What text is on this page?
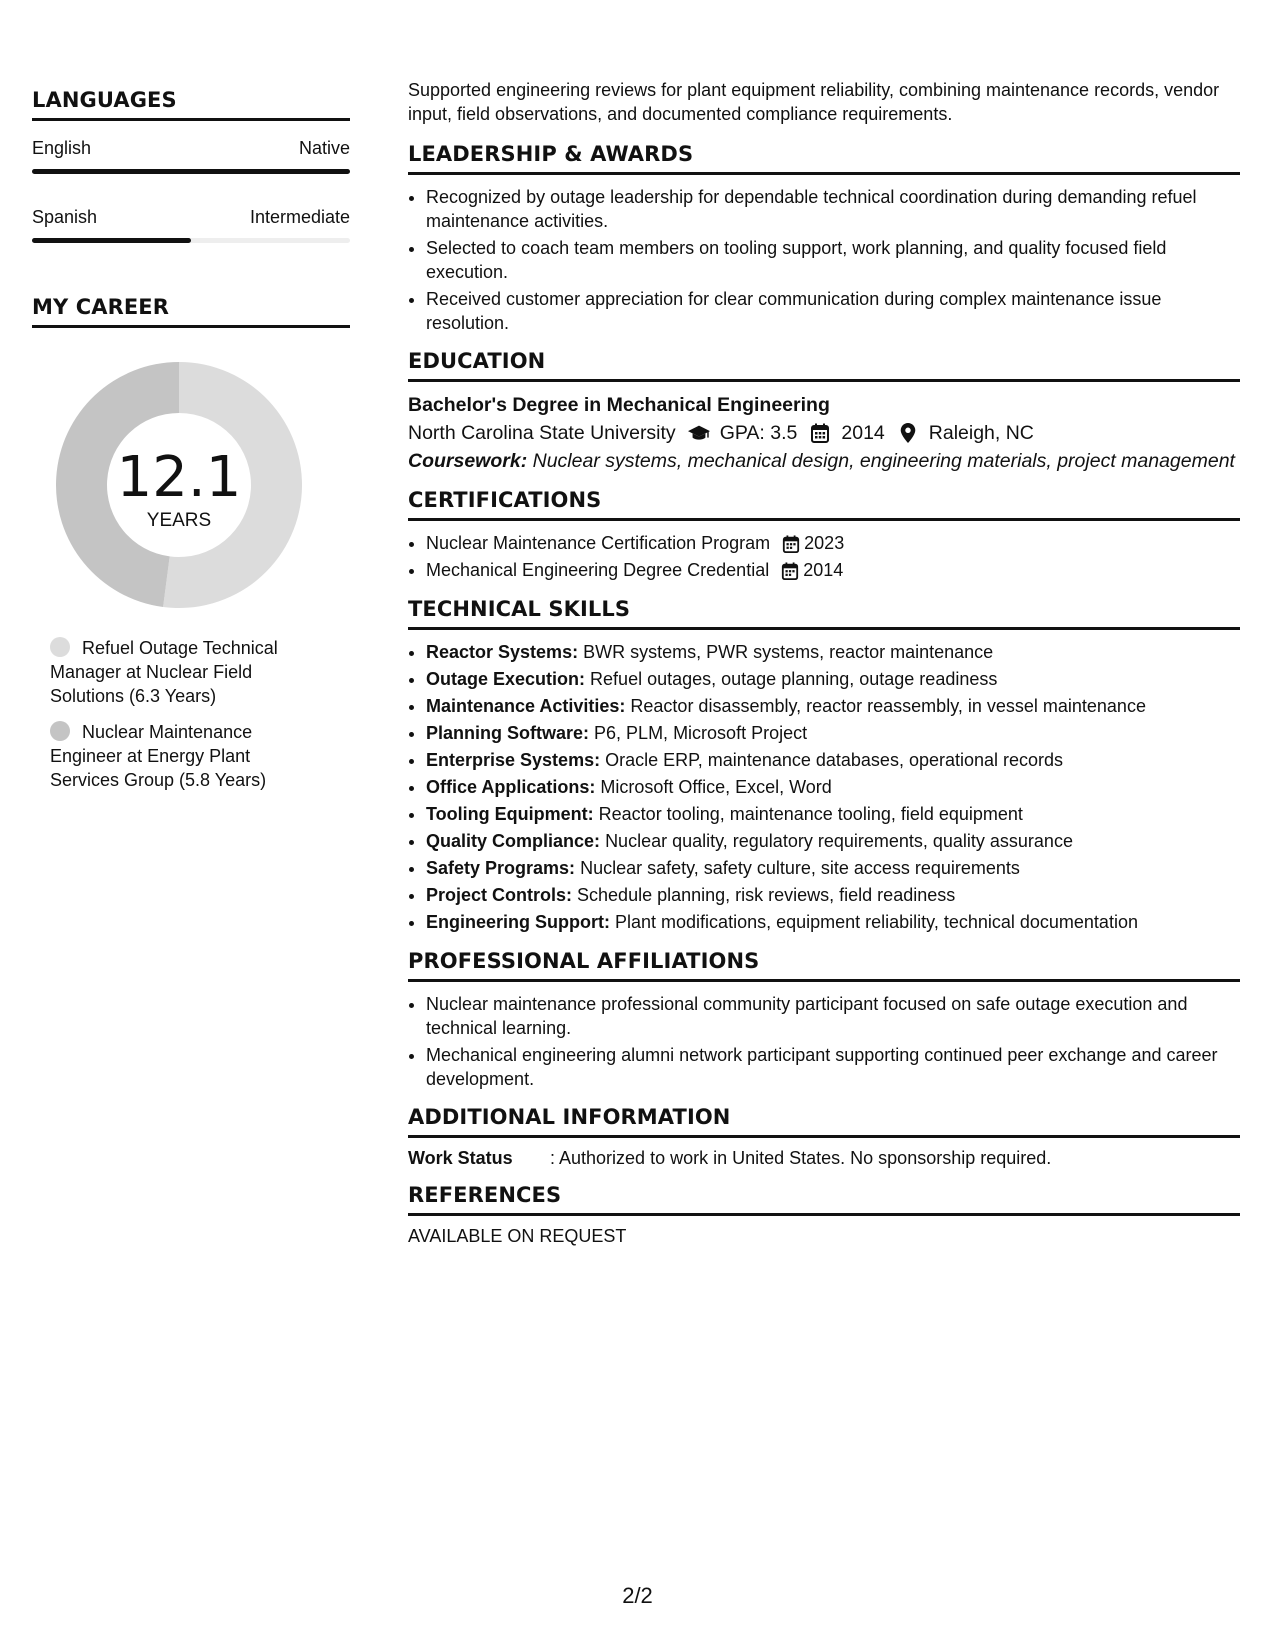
LANGUAGES
English	Native
Spanish	Intermediate
MY CAREER
12.1
YEARS
Refuel Outage Technical Manager at Nuclear Field Solutions (6.3 Years)
Nuclear Maintenance Engineer at Energy Plant Services Group (5.8 Years)

Supported engineering reviews for plant equipment reliability, combining maintenance records, vendor input, field observations, and documented compliance requirements.

LEADERSHIP & AWARDS
• Recognized by outage leadership for dependable technical coordination during demanding refuel maintenance activities.
• Selected to coach team members on tooling support, work planning, and quality focused field execution.
• Received customer appreciation for clear communication during complex maintenance issue resolution.
EDUCATION
Bachelor's Degree in Mechanical Engineering
North Carolina State University GPA: 3.5 2014 Raleigh, NC
Coursework: Nuclear systems, mechanical design, engineering materials, project management
CERTIFICATIONS
• Nuclear Maintenance Certification Program 2023
• Mechanical Engineering Degree Credential 2014
TECHNICAL SKILLS
• Reactor Systems: BWR systems, PWR systems, reactor maintenance
• Outage Execution: Refuel outages, outage planning, outage readiness
• Maintenance Activities: Reactor disassembly, reactor reassembly, in vessel maintenance
• Planning Software: P6, PLM, Microsoft Project
• Enterprise Systems: Oracle ERP, maintenance databases, operational records
• Office Applications: Microsoft Office, Excel, Word
• Tooling Equipment: Reactor tooling, maintenance tooling, field equipment
• Quality Compliance: Nuclear quality, regulatory requirements, quality assurance
• Safety Programs: Nuclear safety, safety culture, site access requirements
• Project Controls: Schedule planning, risk reviews, field readiness
• Engineering Support: Plant modifications, equipment reliability, technical documentation
PROFESSIONAL AFFILIATIONS
• Nuclear maintenance professional community participant focused on safe outage execution and technical learning.
• Mechanical engineering alumni network participant supporting continued peer exchange and career development.
ADDITIONAL INFORMATION
Work Status	: Authorized to work in United States. No sponsorship required.
REFERENCES
AVAILABLE ON REQUEST
2/2
